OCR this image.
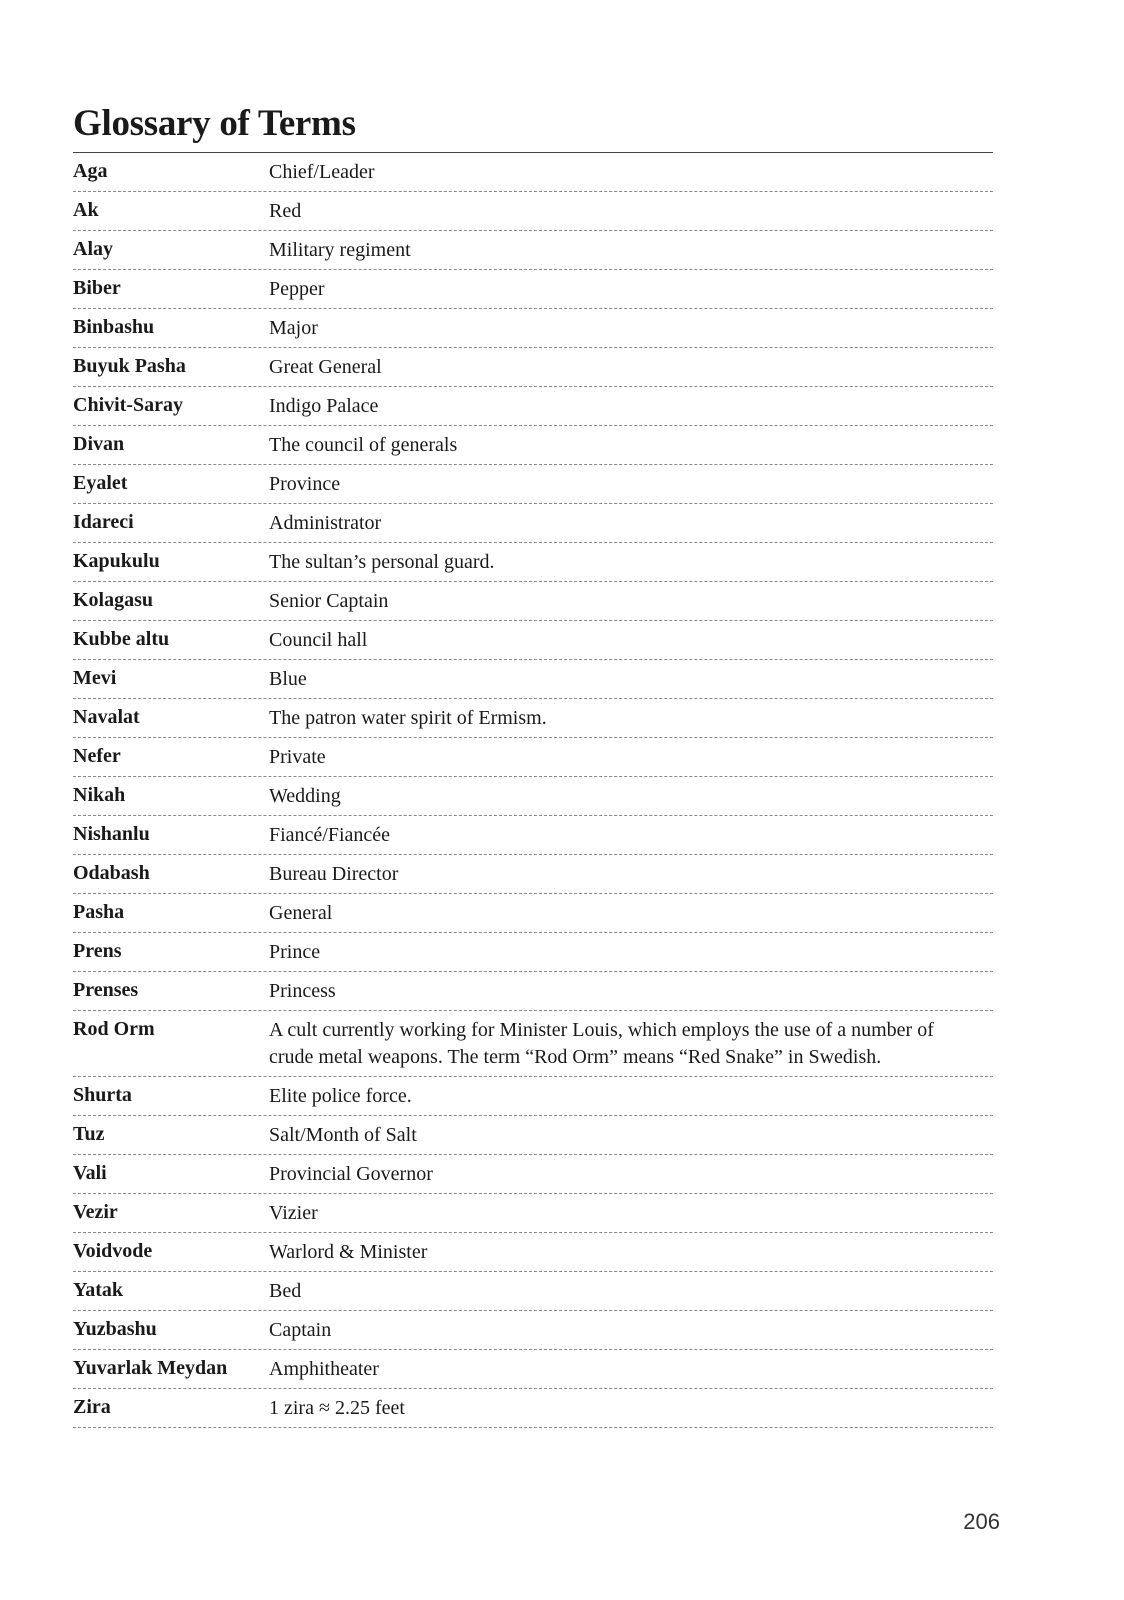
Glossary of Terms
Aga	Chief/Leader
Ak	Red
Alay	Military regiment
Biber	Pepper
Binbashu	Major
Buyuk Pasha	Great General
Chivit-Saray	Indigo Palace
Divan	The council of generals
Eyalet	Province
Idareci	Administrator
Kapukulu	The sultan’s personal guard.
Kolagasu	Senior Captain
Kubbe altu	Council hall
Mevi	Blue
Navalat	The patron water spirit of Ermism.
Nefer	Private
Nikah	Wedding
Nishanlu	Fiancé/Fiancée
Odabash	Bureau Director
Pasha	General
Prens	Prince
Prenses	Princess
Rod Orm	A cult currently working for Minister Louis, which employs the use of a number of crude metal weapons. The term “Rod Orm” means “Red Snake” in Swedish.
Shurta	Elite police force.
Tuz	Salt/Month of Salt
Vali	Provincial Governor
Vezir	Vizier
Voidvode	Warlord & Minister
Yatak	Bed
Yuzbashu	Captain
Yuvarlak Meydan	Amphitheater
Zira	1 zira ≈ 2.25 feet
206
